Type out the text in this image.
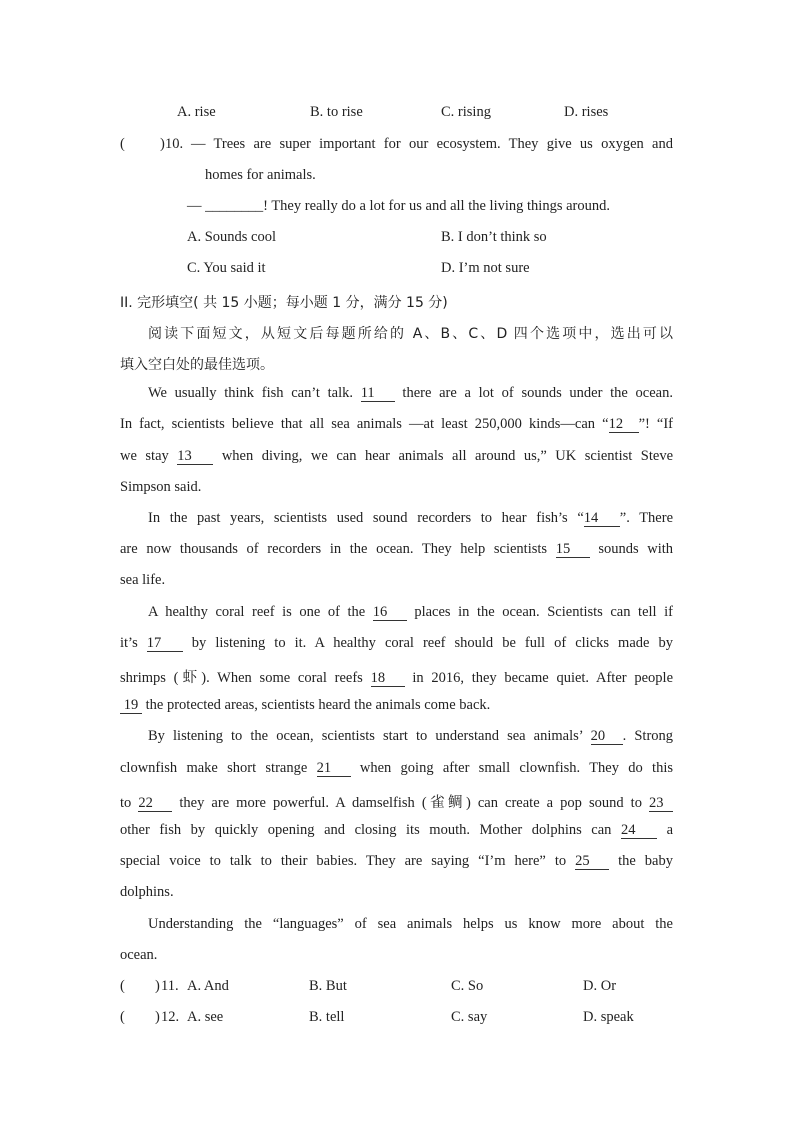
A. rise	B. to rise	C. rising	D. rises
( ) 10. — Trees are super important for our ecosystem. They give us oxygen and
homes for animals.
— ________! They really do a lot for us and all the living things around.
A. Sounds cool	B. I don’t think so
C. You said it	D. I’m not sure
II. 完形填空( 共 15 小题；每小题 1 分，满分 15 分)
阅读下面短文，从短文后每题所给的 A、B、C、D 四个选项中，选出可以
填入空白处的最佳选项。
We usually think fish can’t talk. 11 there are a lot of sounds under the ocean.
In fact, scientists believe that all sea animals —at least 250,000 kinds—can “12 ”! “If
we stay 13 when diving, we can hear animals all around us,” UK scientist Steve
Simpson said.
In the past years, scientists used sound recorders to hear fish’s “14 ”. There
are now thousands of recorders in the ocean. They help scientists 15 sounds with
sea life.
A healthy coral reef is one of the 16 places in the ocean. Scientists can tell if
it’s 17 by listening to it. A healthy coral reef should be full of clicks made by
shrimps (虾). When some coral reefs 18 in 2016, they became quiet. After people
19 the protected areas, scientists heard the animals come back.
By listening to the ocean, scientists start to understand sea animals’ 20 . Strong
clownfish make short strange 21 when going after small clownfish. They do this
to 22 they are more powerful. A damselfish (雀鲷) can create a pop sound to 23
other fish by quickly opening and closing its mouth. Mother dolphins can 24 a
special voice to talk to their babies. They are saying “I’m here” to 25 the baby
dolphins.
Understanding the “languages” of sea animals helps us know more about the
ocean.
( ) 11. A. And	B. But	C. So	D. Or
( ) 12. A. see	B. tell	C. say	D. speak
